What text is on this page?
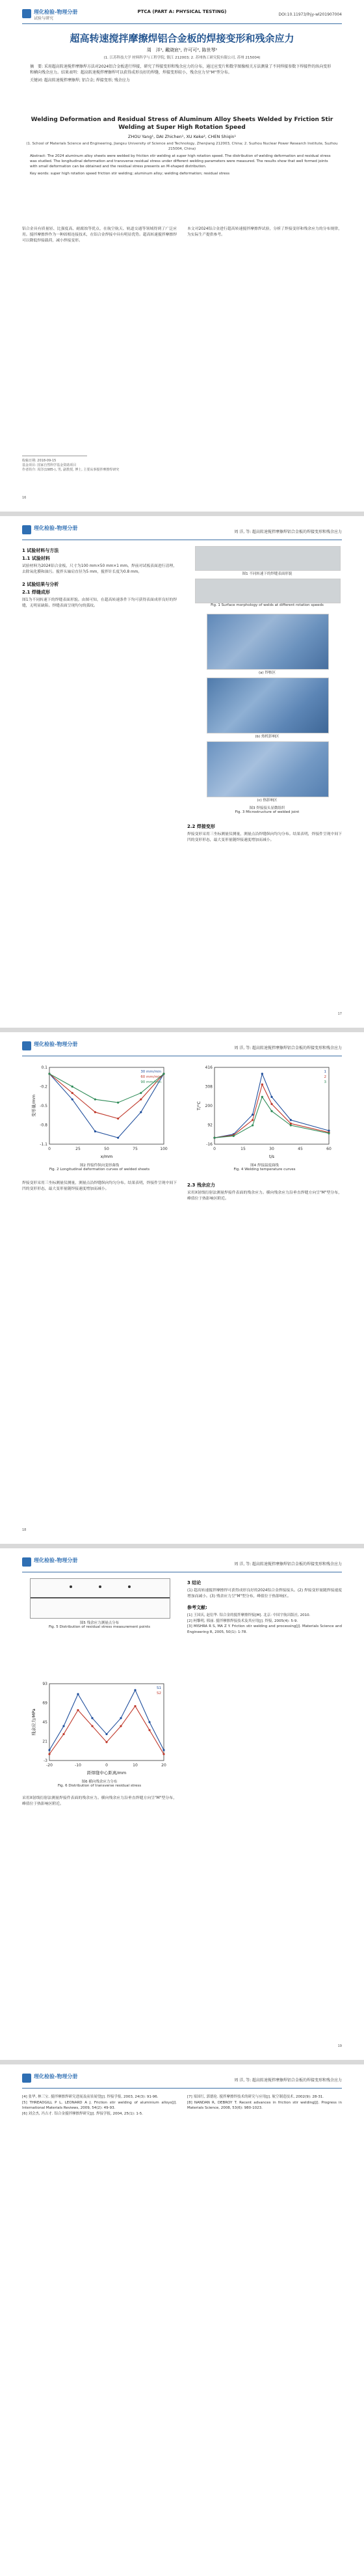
理化检验-物理分册
试验与研究
PTCA (PART A: PHYSICAL TESTING)
DOI:10.11973/lhjy-wl201907004
超高转速搅拌摩擦焊铝合金板的焊接变形和残余应力
周　洋¹, 戴晓宸¹, 许可可², 陈世琴¹
(1. 江苏科技大学 材料科学与工程学院, 镇江 212003; 2. 苏州热工研究院有限公司, 苏州 215004)
摘　要: 采用超高转速搅拌摩擦焊方法对2024铝合金板进行焊接，研究了焊接变形和残余应力的分布，通过应变片和数字图像相关方法测量了不同焊接参数下焊接件的纵向变形和横向残余应力。结果表明：超高转速搅拌摩擦焊可以获得成形良好的焊缝，焊接变形较小，残余应力呈"M"型分布。
关键词: 超高转速搅拌摩擦焊; 铝合金; 焊接变形; 残余应力
Welding Deformation and Residual Stress of Aluminum Alloy Sheets Welded by Friction Stir Welding at Super High Rotation Speed
ZHOU Yang¹, DAI Zhichen¹, XU Keke², CHEN Shiqin¹
(1. School of Materials Science and Engineering, Jiangsu University of Science and Technology, Zhenjiang 212003, China; 2. Suzhou Nuclear Power Research Institute, Suzhou 215004, China)
Abstract: The 2024 aluminum alloy sheets were welded by friction stir welding at super high rotation speed. The distribution of welding deformation and residual stress was studied. The longitudinal deformation and transverse residual stress under different welding parameters were measured. The results show that well formed joints with small deformation can be obtained and the residual stress presents an M-shaped distribution.
Key words: super high rotation speed friction stir welding; aluminum alloy; welding deformation; residual stress
铝合金具有质量轻、比强度高、耐腐蚀等优点，在航空航天、轨道交通等领域得到了广泛应用。搅拌摩擦焊作为一种固相连接技术，在铝合金焊接中具有明显优势。超高转速搅拌摩擦焊可以降低焊接载荷，减小焊接变形。
本文对2024铝合金进行超高转速搅拌摩擦焊试验，分析了焊接变形和残余应力的分布规律，为实际生产提供参考。
收稿日期: 2018-09-15
基金项目: 国家自然科学基金资助项目
作者简介: 周洋(1985-), 男, 副教授, 博士, 主要从事搅拌摩擦焊研究
16
理化检验-物理分册
周 洋, 等: 超高转速搅拌摩擦焊铝合金板的焊接变形和残余应力
1 试验材料与方法
1.1 试验材料
试验材料为2024铝合金板，尺寸为100 mm×50 mm×1 mm。焊前对试板表面进行清理，去除氧化膜和油污。搅拌头轴肩直径为5 mm，搅拌针长度为0.8 mm。
2 试验结果与分析
2.1 焊缝成形
图1为不同转速下的焊缝表面形貌。由图可知，在超高转速条件下均可获得表面成形良好的焊缝，无明显缺陷。焊缝表面呈现均匀的弧纹。
图1 不同转速下的焊缝表面形貌
Fig. 1 Surface morphology of welds at different rotation speeds
(a) 焊核区
(b) 热机影响区
(c) 热影响区
图3 焊接接头显微组织
Fig. 3 Microstructure of welded joint
2.2 焊接变形
焊接变形采用三坐标测量仪测量，测量点沿焊缝纵向均匀分布。结果表明，焊接件呈现中间下凹的变形形态，最大变形量随焊接速度增加而减小。
17
理化检验-物理分册
周 洋, 等: 超高转速搅拌摩擦焊铝合金板的焊接变形和残余应力
0
-1.1
25
-0.8
50
-0.5
75
-0.2
100
0.1
x/mm
变形量/mm
30 mm/min
60 mm/min
90 mm/min
图2 焊接件纵向变形曲线
Fig. 2 Longitudinal deformation curves of welded sheets
0
-16
15
92
30
200
45
308
60
416
t/s
T/°C
1
2
3
图4 焊接温度曲线
Fig. 4 Welding temperature curves
焊接变形采用三坐标测量仪测量，测量点沿焊缝纵向均匀分布。结果表明，焊接件呈现中间下凹的变形形态，最大变形量随焊接速度增加而减小。
2.3 残余应力
采用X射线衍射法测量焊接件表面的残余应力。横向残余应力沿垂直焊缝方向呈"M"型分布，峰值位于热影响区附近。
18
理化检验-物理分册
周 洋, 等: 超高转速搅拌摩擦焊铝合金板的焊接变形和残余应力
图5 残余应力测量点分布
Fig. 5 Distribution of residual stress measurement points
-20
-3
-10
21
0
45
10
69
20
93
距焊缝中心距离/mm
残余应力/MPa
S1
S2
图6 横向残余应力分布
Fig. 6 Distribution of transverse residual stress
采用X射线衍射法测量焊接件表面的残余应力。横向残余应力沿垂直焊缝方向呈"M"型分布，峰值位于热影响区附近。
3 结论
(1) 超高转速搅拌摩擦焊可获得成形良好的2024铝合金焊接接头。(2) 焊接变形量随焊接速度增加而减小。(3) 残余应力呈"M"型分布，峰值位于热影响区。
参考文献:
[1] 王国庆, 赵衍华. 铝合金的搅拌摩擦焊接[M]. 北京: 中国宇航出版社, 2010.
[2] 柯黎明, 邢丽. 搅拌摩擦焊接技术及其应用[J]. 焊接, 2005(4): 5-9.
[3] MISHRA R S, MA Z Y. Friction stir welding and processing[J]. Materials Science and Engineering R, 2005, 50(1): 1-78.
19
理化检验-物理分册
周 洋, 等: 超高转速搅拌摩擦焊铝合金板的焊接变形和残余应力
[4] 张华, 林三宝. 搅拌摩擦焊研究进展及前景展望[J]. 焊接学报, 2003, 24(3): 91-96.
[5] THREADGILL P L, LEONARD A J. Friction stir welding of aluminium alloys[J]. International Materials Reviews, 2009, 54(2): 49-93.
[6] 刘会杰, 冯吉才. 铝合金搅拌摩擦焊研究[J]. 焊接学报, 2004, 25(1): 1-5.
[7] 栾国红, 郭德伦. 搅拌摩擦焊技术的研究与应用[J]. 航空制造技术, 2002(9): 28-31.
[8] NANDAN R, DEBROY T. Recent advances in friction stir welding[J]. Progress in Materials Science, 2008, 53(6): 980-1023.
